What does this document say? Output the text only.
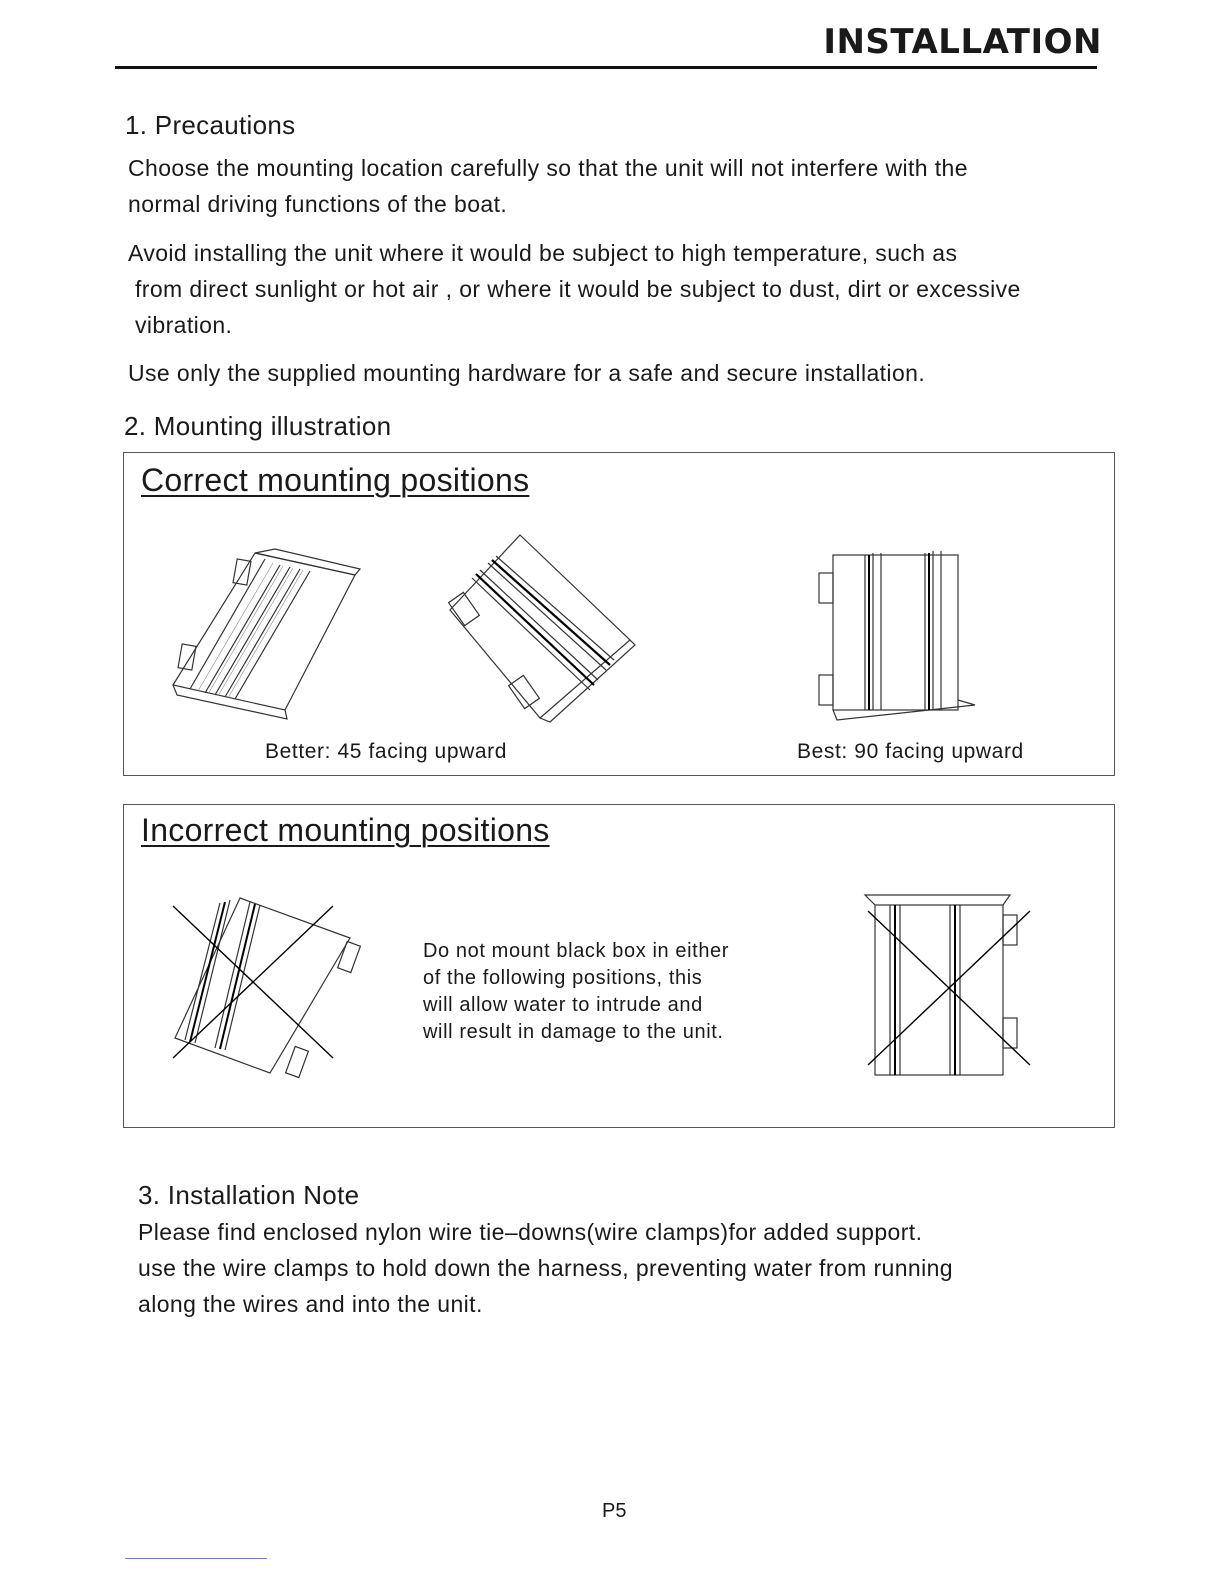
INSTALLATION
1. Precautions
Choose the mounting location carefully so that the unit will not interfere with the
normal driving functions of the boat.
Avoid installing the unit where it would be subject to high temperature, such as
from direct sunlight or hot air , or where it would be subject to dust, dirt or excessive
vibration.
Use only the supplied mounting hardware for a safe and secure installation.
2. Mounting illustration
Correct mounting positions
Better: 45 facing upward	Best: 90 facing upward
Incorrect mounting positions
Do not mount black box in either
of the following positions, this
will allow water to intrude and
will result in damage to the unit.
3. Installation Note
Please find enclosed nylon wire tie–downs(wire clamps)for added support.
use the wire clamps to hold down the harness, preventing water from running
along the wires and into the unit.
P5
